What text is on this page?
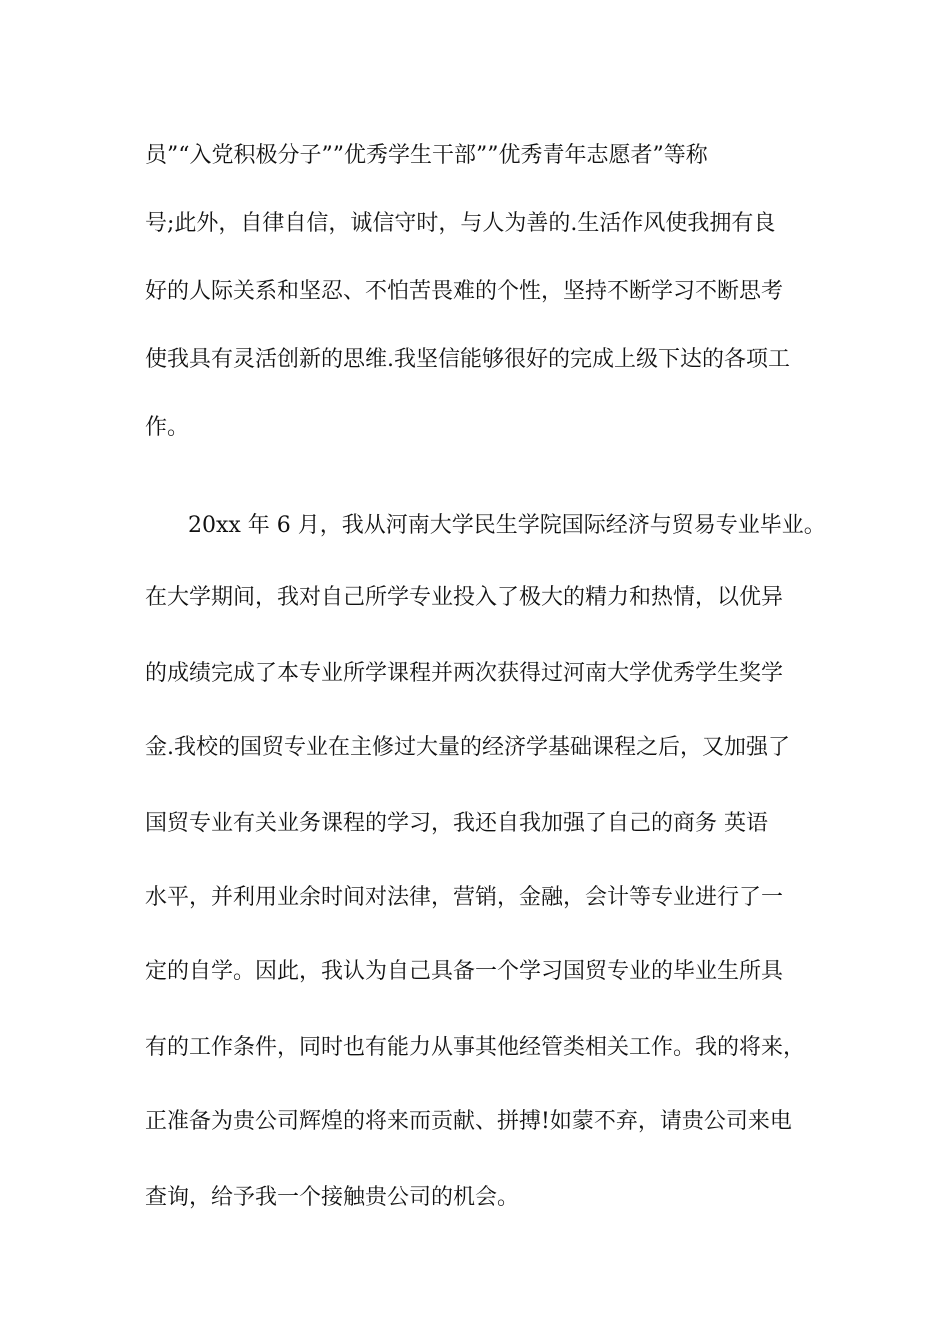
员”“入党积极分子””优秀学生干部””优秀青年志愿者”等称
号;此外，自律自信，诚信守时，与人为善的.生活作风使我拥有良
好的人际关系和坚忍、不怕苦畏难的个性，坚持不断学习不断思考
使我具有灵活创新的思维.我坚信能够很好的完成上级下达的各项工
作。
20xx 年 6 月，我从河南大学民生学院国际经济与贸易专业毕业。
在大学期间，我对自己所学专业投入了极大的精力和热情，以优异
的成绩完成了本专业所学课程并两次获得过河南大学优秀学生奖学
金.我校的国贸专业在主修过大量的经济学基础课程之后，又加强了
国贸专业有关业务课程的学习，我还自我加强了自己的商务 英语
水平，并利用业余时间对法律，营销，金融，会计等专业进行了一
定的自学。因此，我认为自己具备一个学习国贸专业的毕业生所具
有的工作条件，同时也有能力从事其他经管类相关工作。我的将来，
正准备为贵公司辉煌的将来而贡献、拼搏!如蒙不弃，请贵公司来电
查询，给予我一个接触贵公司的机会。
